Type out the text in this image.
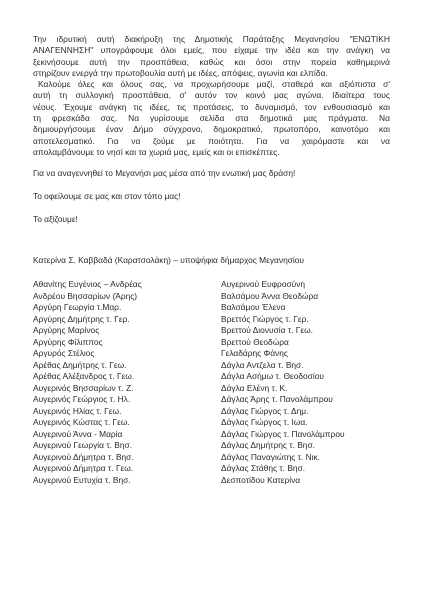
Την ιδρυτική αυτή διακήρυξη της Δημοτικής Παράταξης Μεγανησίου "ΕΝΩΤΙΚΗ
ΑΝΑΓΕΝΝΗΣΗ" υπογράφουμε όλοι εμείς, που είχαμε την ιδέα και την ανάγκη να
ξεκινήσουμε αυτή την προσπάθεια, καθώς και όσοι στην πορεία καθημερινά
στηρίζουν ενεργά την πρωτοβουλία αυτή με ιδέες, απόψεις, αγωνία και ελπίδα.
Καλούμε όλες και όλους σας, να προχωρήσουμε μαζί, σταθερά και αξιόπιστα σ'
αυτή τη συλλογική προσπάθεια, σ' αυτόν τον κοινό μας αγώνα. Ιδιαίτερα τους
νέους. Έχουμε ανάγκη τις ιδέες, τις προτάσεις, το δυναμισμό, τον ενθουσιασμό και
τη φρεσκάδα σας. Να γυρίσουμε σελίδα στα δημοτικά μας πράγματα. Να
δημιουργήσουμε έναν Δήμο σύγχρονο, δημοκρατικό, πρωτοπόρο, καινοτόμο και
αποτελεσματικό. Για να ζούμε με ποιότητα. Για να χαιρόμαστε και να
απολαμβάνουμε το νησί και τα χωριά μας, εμείς και οι επισκέπτες.

Για να αναγεννηθεί το Μεγανήσι μας μέσα από την ενωτική μας δράση!

Το οφείλουμε σε μας και στον τόπο μας!

Το αξίζουμε!

Κατερίνα Σ. Καββαδά (Καρατσολάκη) – υποψήφια δήμαρχος Μεγανησίου

Αθανίτης Ευγένιος – Ανδρέας
Ανδρέου Βησσαρίων (Άρης)
Αργύρη Γεωργία τ.Μαρ.
Αργύρης Δημήτρης τ. Γερ.
Αργύρης Μαρίνος
Αργύρης Φίλιππος
Αργυρός Στέλιος
Αρέθας Δημήτρης τ. Γεω.
Αρέθας Αλέξανδρος τ. Γεω.
Αυγερινός Βησσαρίων τ. Ζ.
Αυγερινός Γεώργιος τ. Ηλ.
Αυγερινός Ηλίας τ. Γεω.
Αυγερινός Κώστας τ. Γεω.
Αυγερινού Άννα - Μαρία
Αυγερινού Γεωργία τ. Βησ.
Αυγερινού Δήμητρα τ. Βησ.
Αυγερινού Δήμητρα τ. Γεω.
Αυγερινού Ευτυχία τ. Βησ.
Αυγερινού Ευφροσύνη
Βαλσάμου Άννα Θεοδώρα
Βαλσάμου Έλενα
Βρεττός Γιώργος τ. Γερ.
Βρεττού Διονυσία τ. Γεω.
Βρεττού Θεοδώρα
Γελαδάρης Φάνης
Δάγλα Αντζελα τ. Βησ.
Δάγλα Ασήμω τ. Θεοδοσίου
Δάγλα Ελένη τ. Κ.
Δάγλας Άρης τ. Πανολάμπρου
Δάγλας Γιώργος τ. Δημ.
Δάγλας Γιώργος τ. Ιωα.
Δάγλας Γιώργος τ. Πανολάμπρου
Δάγλας Δημήτρης τ. Βησ.
Δάγλας Παναγιώτης τ. Νικ.
Δάγλας Στάθης τ. Βησ.
Δεσποτίδου Κατερίνα
